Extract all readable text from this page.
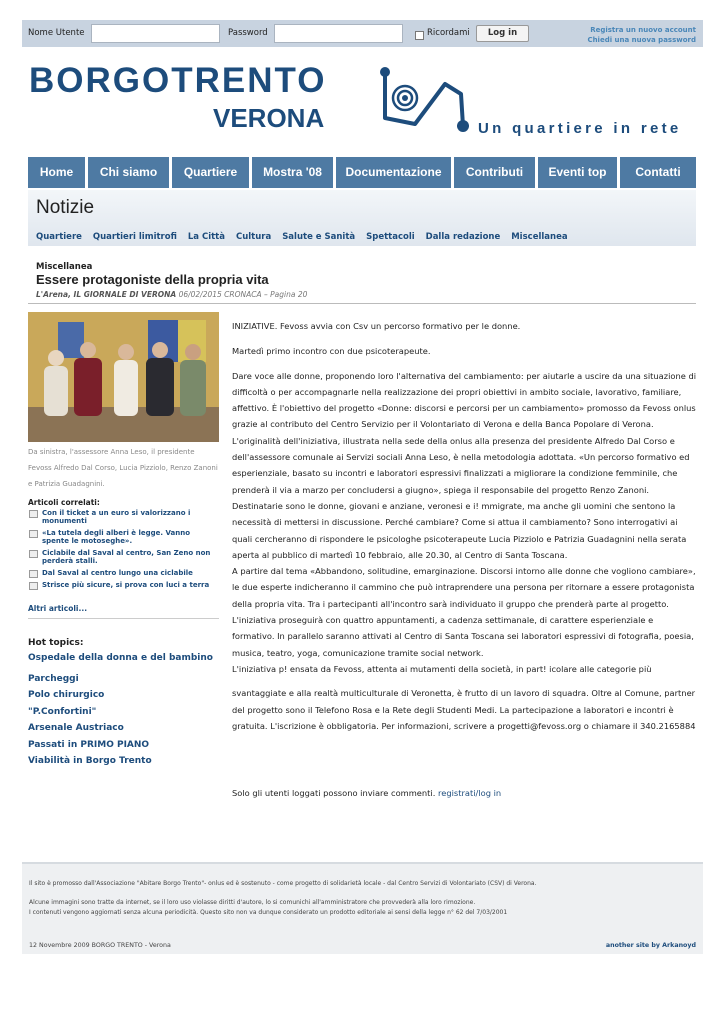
Nome Utente	Password	Ricordami	Log in	Registra un nuovo account
Chiedi una nuova password
BORGOTRENTO
VERONA	Un quartiere in rete
Home	Chi siamo	Quartiere	Mostra '08	Documentazione	Contributi	Eventi top	Contatti
Notizie
Quartiere Quartieri limitrofi La Città Cultura Salute e Sanità Spettacoli Dalla redazione Miscellanea
Miscellanea
Essere protagoniste della propria vita
L'Arena, IL GIORNALE DI VERONA 06/02/2015 CRONACA – Pagina 20
Da sinistra, l'assessore Anna Leso, il presidente Fevoss Alfredo Dal Corso, Lucia Pizziolo, Renzo Zanoni e Patrizia Guadagnini.
Articoli correlati:
Con il ticket a un euro si valorizzano i monumenti
«La tutela degli alberi è legge. Vanno spente le motoseghe».
Ciclabile dal Saval al centro, San Zeno non perderà stalli.
Dal Saval al centro lungo una ciclabile
Strisce più sicure, si prova con luci a terra
Altri articoli...
Hot topics:
Ospedale della donna e del bambino
Parcheggi
Polo chirurgico
"P.Confortini"
Arsenale Austriaco
Passati in PRIMO PIANO
Viabilità in Borgo Trento

INIZIATIVE. Fevoss avvia con Csv un percorso formativo per le donne.

Martedì primo incontro con due psicoterapeute.

Dare voce alle donne, proponendo loro l'alternativa del cambiamento: per aiutarle a uscire da una situazione di difficoltà o per accompagnarle nella realizzazione dei propri obiettivi in ambito sociale, lavorativo, familiare, affettivo. È l'obiettivo del progetto «Donne: discorsi e percorsi per un cambiamento» promosso da Fevoss onlus grazie al contributo del Centro Servizio per il Volontariato di Verona e della Banca Popolare di Verona. L'originalità dell'iniziativa, illustrata nella sede della onlus alla presenza del presidente Alfredo Dal Corso e dell'assessore comunale ai Servizi sociali Anna Leso, è nella metodologia adottata. «Un percorso formativo ed esperienziale, basato su incontri e laboratori espressivi finalizzati a migliorare la condizione femminile, che prenderà il via a marzo per concludersi a giugno», spiega il responsabile del progetto Renzo Zanoni. Destinatarie sono le donne, giovani e anziane, veronesi e i! mmigrate, ma anche gli uomini che sentono la necessità di mettersi in discussione. Perché cambiare? Come si attua il cambiamento? Sono interrogativi ai quali cercheranno di rispondere le psicologhe psicoterapeute Lucia Pizziolo e Patrizia Guadagnini nella serata aperta al pubblico di martedì 10 febbraio, alle 20.30, al Centro di Santa Toscana.

A partire dal tema «Abbandono, solitudine, emarginazione. Discorsi intorno alle donne che vogliono cambiare», le due esperte indicheranno il cammino che può intraprendere una persona per ritornare a essere protagonista della propria vita. Tra i partecipanti all'incontro sarà individuato il gruppo che prenderà parte al progetto. L'iniziativa proseguirà con quattro appuntamenti, a cadenza settimanale, di carattere esperienziale e formativo. In parallelo saranno attivati al Centro di Santa Toscana sei laboratori espressivi di fotografia, poesia, musica, teatro, yoga, comunicazione tramite social network.

L'iniziativa p! ensata da Fevoss, attenta ai mutamenti della società, in part! icolare alle categorie più

svantaggiate e alla realtà multiculturale di Veronetta, è frutto di un lavoro di squadra. Oltre al Comune, partner del progetto sono il Telefono Rosa e la Rete degli Studenti Medi. La partecipazione a laboratori e incontri è gratuita. L'iscrizione è obbligatoria. Per informazioni, scrivere a progetti@fevoss.org o chiamare il 340.2165884

Solo gli utenti loggati possono inviare commenti. registrati/log in
Il sito è promosso dall'Associazione "Abitare Borgo Trento"- onlus ed è sostenuto - come progetto di solidarietà locale - dal Centro Servizi di Volontariato (CSV) di Verona.
Alcune immagini sono tratte da internet, se il loro uso violasse diritti d'autore, lo si comunichi all'amministratore che provvederà alla loro rimozione.
I contenuti vengono aggiornati senza alcuna periodicità. Questo sito non va dunque considerato un prodotto editoriale ai sensi della legge n° 62 del 7/03/2001
12 Novembre 2009 BORGO TRENTO - Verona	another site by Arkanoyd
